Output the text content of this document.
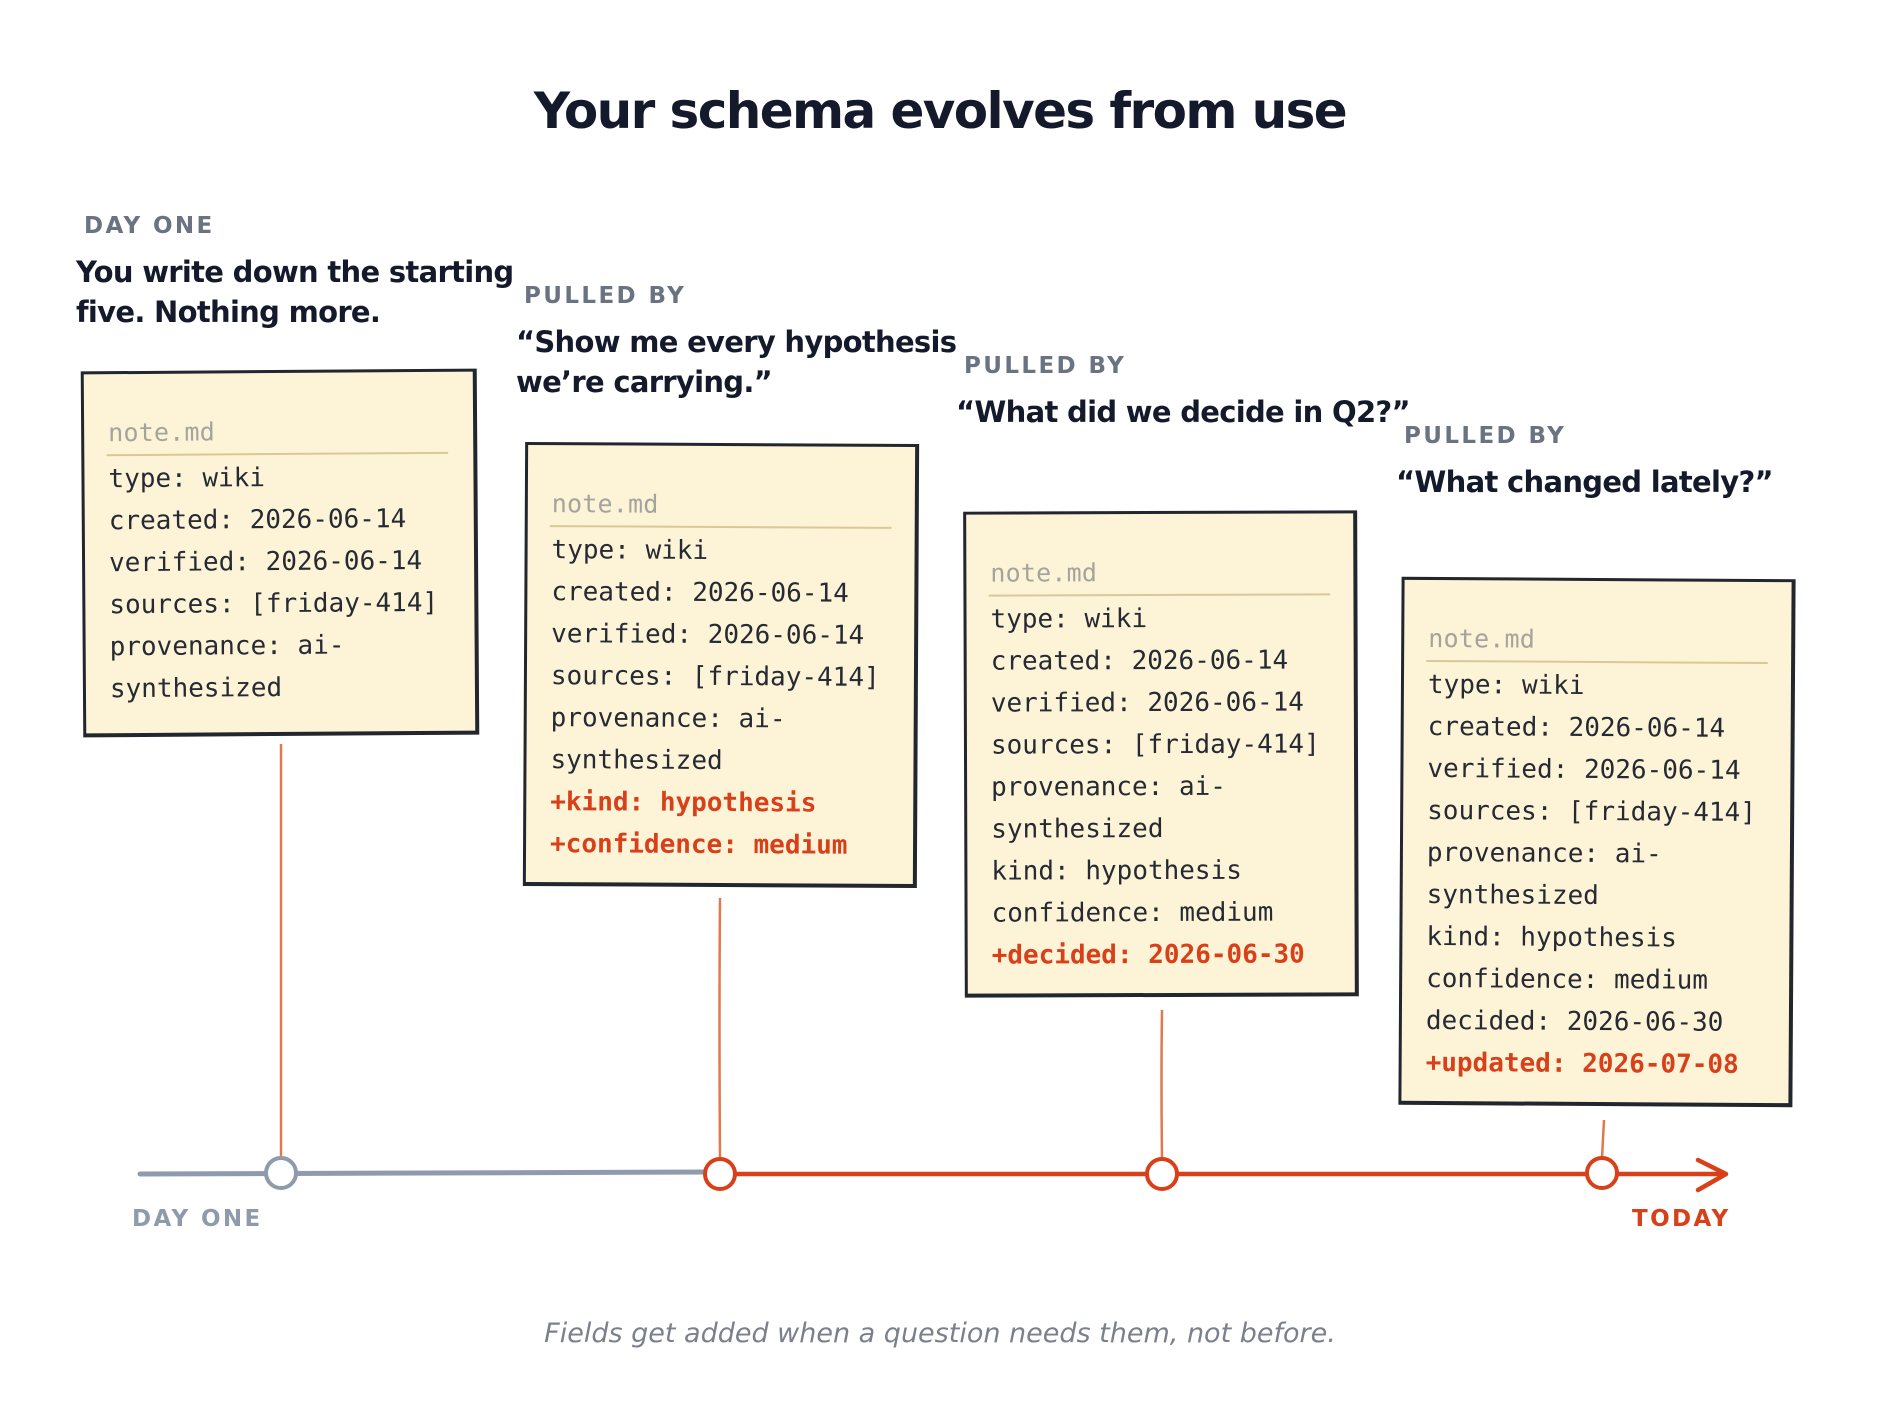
Your schema evolves from use
DAY ONE
You write down the starting
five. Nothing more.
note.md
type: wiki
created: 2026-06-14
verified: 2026-06-14
sources: [friday-414]
provenance: ai-
synthesized
PULLED BY
“Show me every hypothesis
we’re carrying.”
note.md
type: wiki
created: 2026-06-14
verified: 2026-06-14
sources: [friday-414]
provenance: ai-
synthesized
+kind: hypothesis
+confidence: medium
PULLED BY
“What did we decide in Q2?”
note.md
type: wiki
created: 2026-06-14
verified: 2026-06-14
sources: [friday-414]
provenance: ai-
synthesized
kind: hypothesis
confidence: medium
+decided: 2026-06-30
PULLED BY
“What changed lately?”
note.md
type: wiki
created: 2026-06-14
verified: 2026-06-14
sources: [friday-414]
provenance: ai-
synthesized
kind: hypothesis
confidence: medium
decided: 2026-06-30
+updated: 2026-07-08
DAY ONE	TODAY
Fields get added when a question needs them, not before.
